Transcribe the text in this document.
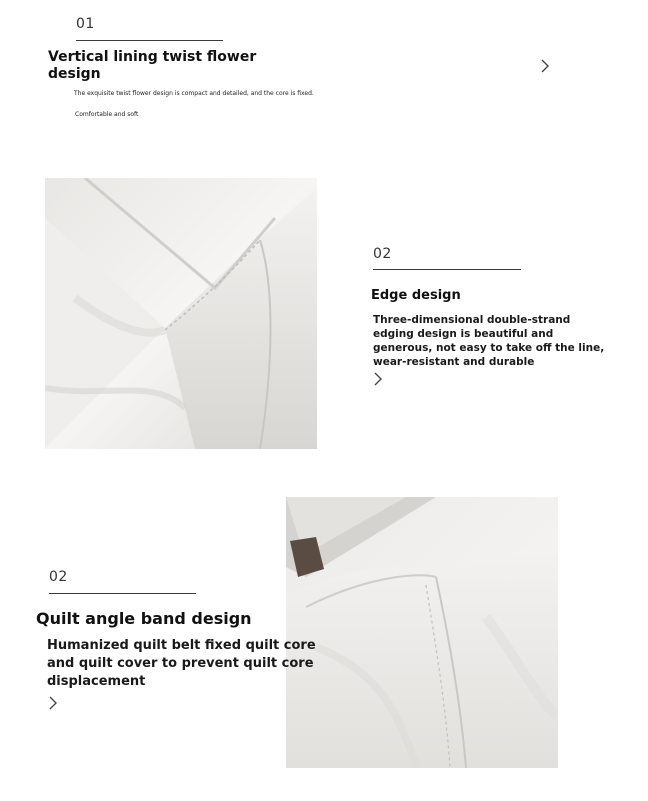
01
Vertical lining twist flower design
The exquisite twist flower design is compact and detailed, and the core is fixed.
Comfortable and soft
02
Edge design
Three-dimensional double-strand edging design is beautiful and generous, not easy to take off the line, wear-resistant and durable
02
Quilt angle band design
Humanized quilt belt fixed quilt core and quilt cover to prevent quilt core displacement
